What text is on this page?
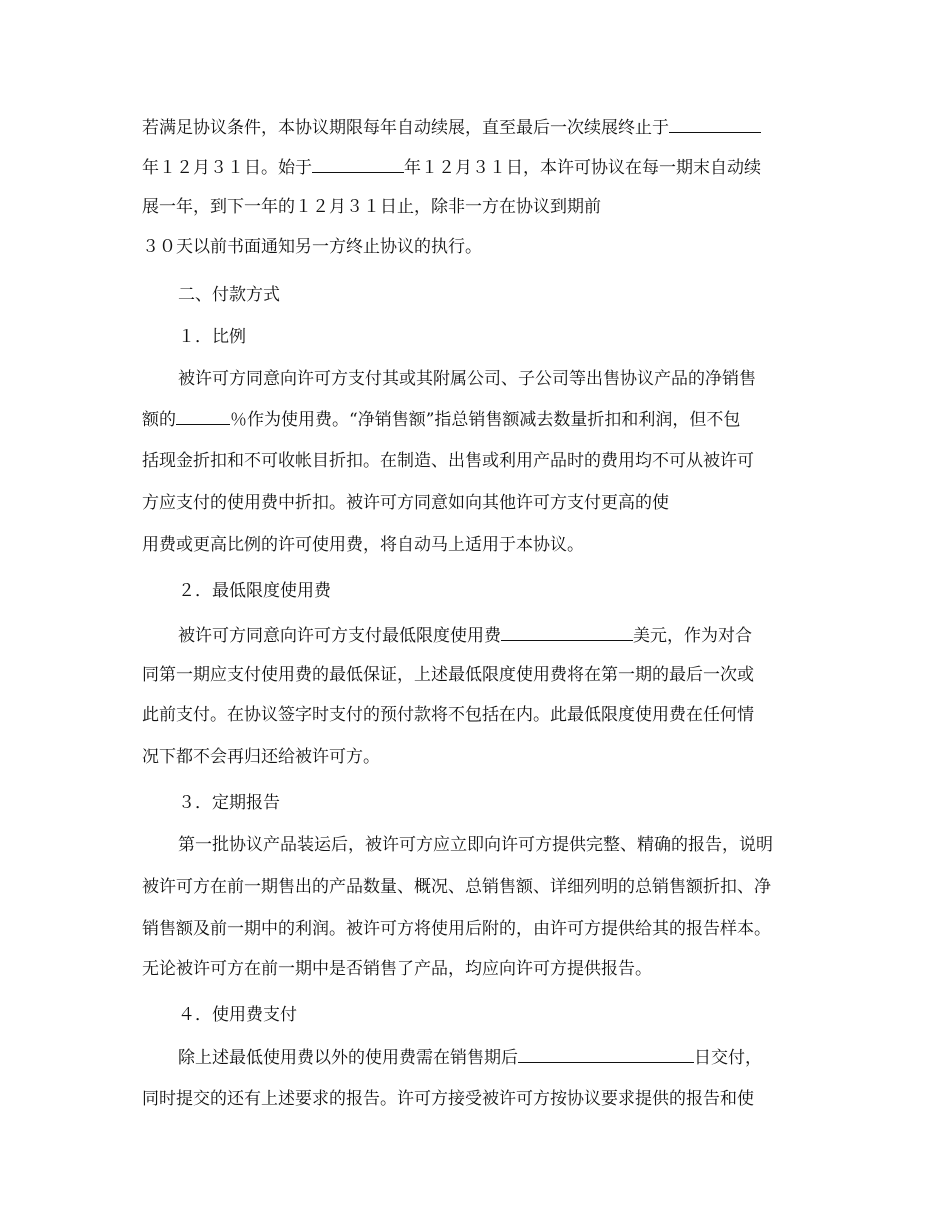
若满足协议条件，本协议期限每年自动续展，直至最后一次续展终止于
年１２月３１日。始于	年１２月３１日，本许可协议在每一期末自动续
展一年，到下一年的１２月３１日止，除非一方在协议到期前
３０天以前书面通知另一方终止协议的执行。
二、付款方式
１．比例
被许可方同意向许可方支付其或其附属公司、子公司等出售协议产品的净销售
额的	％作为使用费。“净销售额”指总销售额减去数量折扣和利润，但不包
括现金折扣和不可收帐目折扣。在制造、出售或利用产品时的费用均不可从被许可
方应支付的使用费中折扣。被许可方同意如向其他许可方支付更高的使
用费或更高比例的许可使用费，将自动马上适用于本协议。
２．最低限度使用费
被许可方同意向许可方支付最低限度使用费	美元，作为对合
同第一期应支付使用费的最低保证，上述最低限度使用费将在第一期的最后一次或
此前支付。在协议签字时支付的预付款将不包括在内。此最低限度使用费在任何情
况下都不会再归还给被许可方。
３．定期报告
第一批协议产品装运后，被许可方应立即向许可方提供完整、精确的报告，说明
被许可方在前一期售出的产品数量、概况、总销售额、详细列明的总销售额折扣、净
销售额及前一期中的利润。被许可方将使用后附的，由许可方提供给其的报告样本。
无论被许可方在前一期中是否销售了产品，均应向许可方提供报告。
４．使用费支付
除上述最低使用费以外的使用费需在销售期后	日交付，
同时提交的还有上述要求的报告。许可方接受被许可方按协议要求提供的报告和使
